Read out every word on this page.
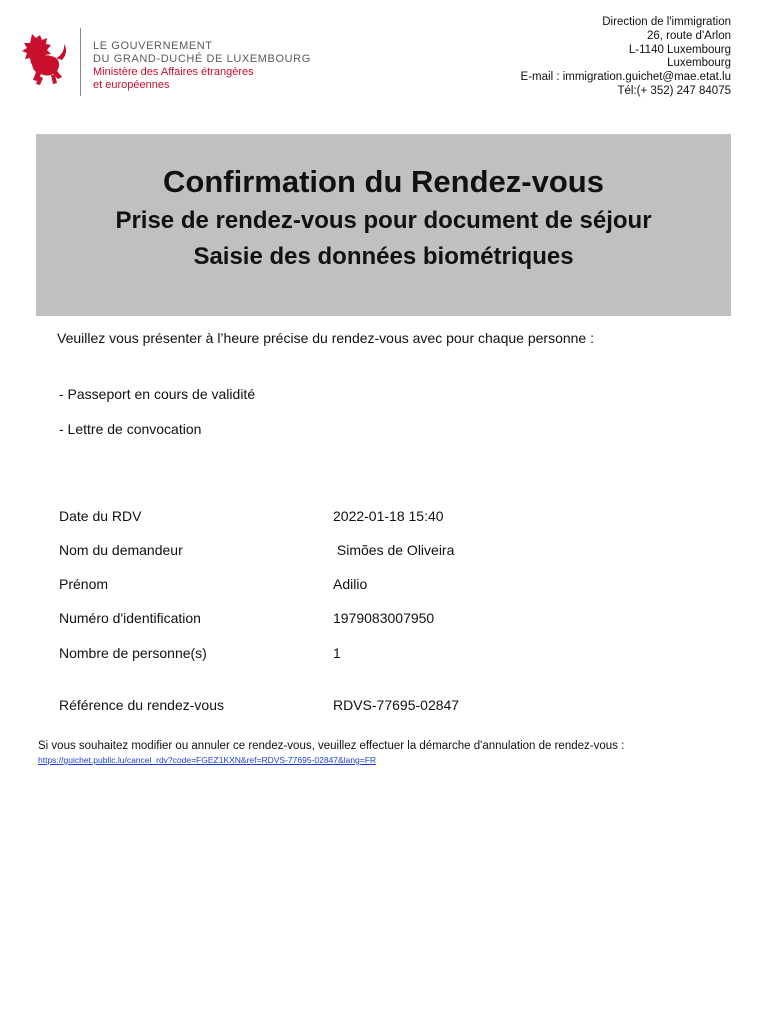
LE GOUVERNEMENT
DU GRAND-DUCHÉ DE LUXEMBOURG
Ministère des Affaires étrangères
et européennes
Direction de l'immigration
26, route d'Arlon
L-1140 Luxembourg
Luxembourg
E-mail : immigration.guichet@mae.etat.lu
Tél:(+ 352) 247 84075
Confirmation du Rendez-vous
Prise de rendez-vous pour document de séjour
Saisie des données biométriques
Veuillez vous présenter à l’heure précise du rendez-vous avec pour chaque personne :
- Passeport en cours de validité
- Lettre de convocation
Date du RDV	2022-01-18 15:40
Nom du demandeur	Simões de Oliveira
Prénom	Adilio
Numéro d'identification	1979083007950
Nombre de personne(s)	1
Référence du rendez-vous	RDVS-77695-02847
Si vous souhaitez modifier ou annuler ce rendez-vous, veuillez effectuer la démarche d'annulation de rendez-vous :
https://guichet.public.lu/cancel_rdv?code=FGEZ1KXN&ref=RDVS-77695-02847&lang=FR
